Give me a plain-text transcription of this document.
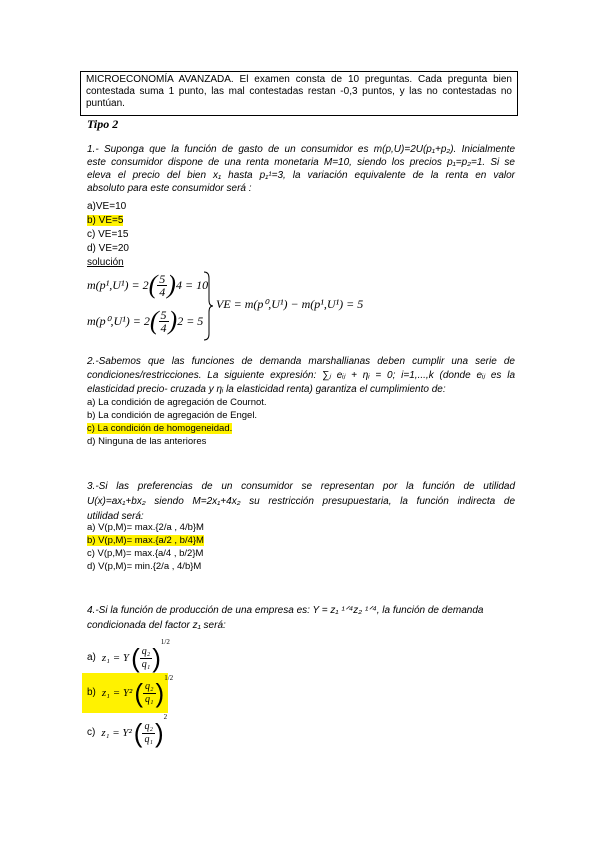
MICROECONOMÍA AVANZADA. El examen consta de 10 preguntas. Cada pregunta bien contestada suma 1 punto, las mal contestadas restan -0,3 puntos, y las no contestadas no puntúan.
Tipo 2
1.- Suponga que la función de gasto de un consumidor es m(p,U)=2U(p₁+p₂). Inicialmente
este consumidor dispone de una renta monetaria M=10, siendo los precios p₁=p₂=1. Si se
eleva el precio del bien x₁ hasta p₁¹=3, la variación equivalente de la renta en valor
absoluto para este consumidor será :
a)VE=10
b) VE=5
c) VE=15
d) VE=20
solución
m(p¹,U¹) = 2 ( $\frac{5}{4}$ ) 4 = 10
m(p⁰,U¹) = 2 ( $\frac{5}{4}$ ) 2 = 5
VE = m(p⁰,U¹) − m(p¹,U¹) = 5
2.-Sabemos que las funciones de demanda marshallianas deben cumplir una serie de
condiciones/restricciones. La siguiente expresión: ∑ⱼ eᵢⱼ + ηᵢ = 0; i=1,...,k (donde eᵢⱼ es la
elasticidad precio- cruzada y ηᵢ la elasticidad renta) garantiza el cumplimiento de:
a) La condición de agregación de Cournot.
b) La condición de agregación de Engel.
c) La condición de homogeneidad.
d) Ninguna de las anteriores
3.-Si las preferencias de un consumidor se representan por la función de utilidad
U(x)=ax₁+bx₂ siendo M=2x₁+4x₂ su restricción presupuestaria, la función indirecta de
utilidad será:
a) V(p,M)= max.{2/a , 4/b}M
b) V(p,M)= max.{a/2 , b/4}M
c) V(p,M)= max.{a/4 , b/2}M
d) V(p,M)= min.{2/a , 4/b}M
4.-Si la función de producción de una empresa es: Y = z₁ ¹ᐟ⁴z₂ ¹ᐟ⁴, la función de demanda
condicionada del factor z₁ será:
a) z₁ = Y ( $\frac{\text{q₂}}{\text{q₁}}$ )
1/2
b) z₁ = Y² ( $\frac{\text{q₂}}{\text{q₁}}$ ) 1/2
c) z₁ = Y² ( $\frac{\text{q₂}}{\text{q₁}}$ )
2
